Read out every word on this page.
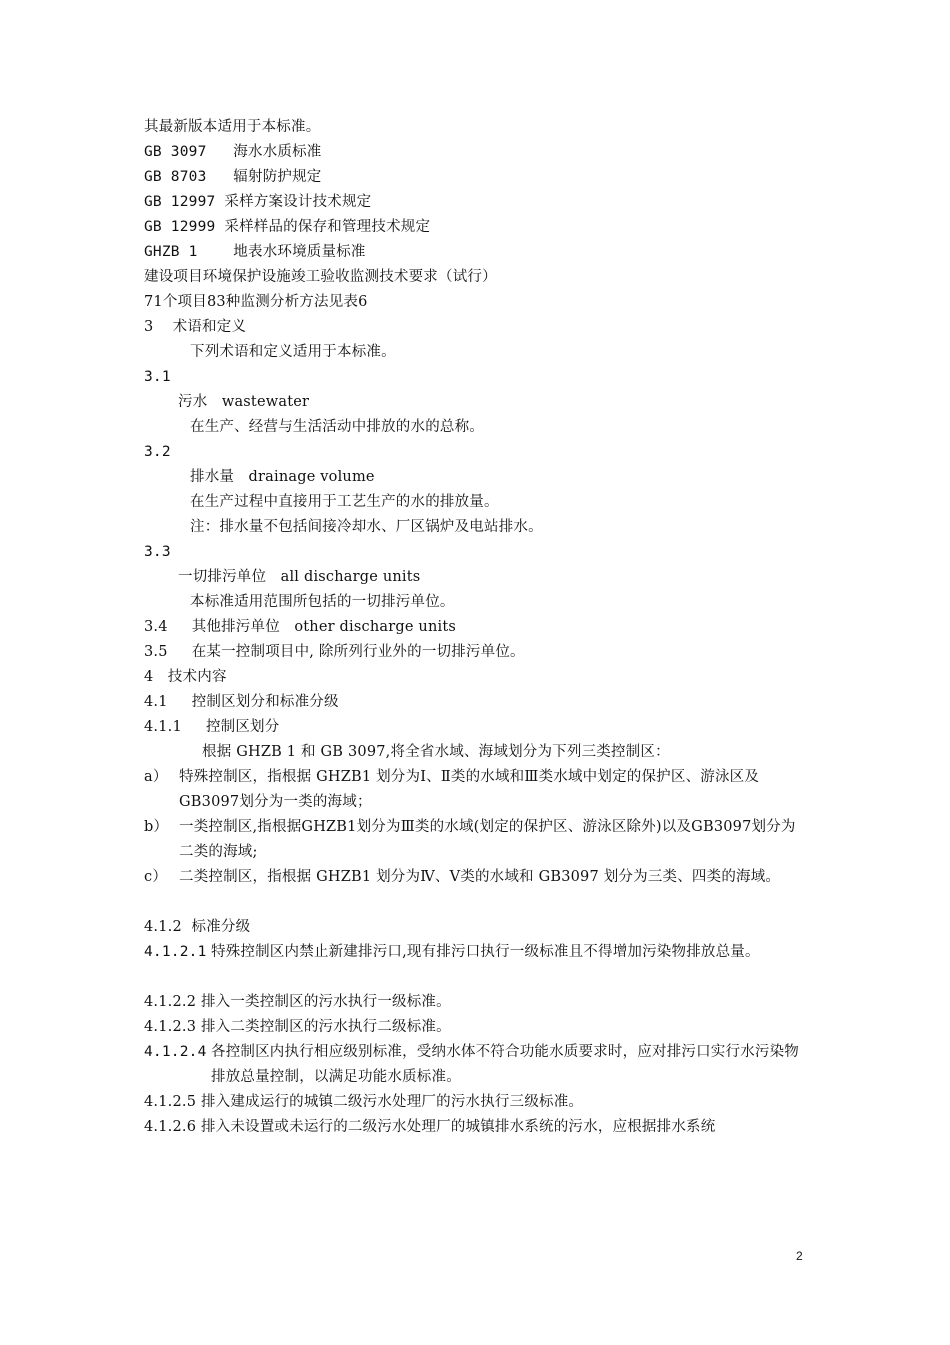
其最新版本适用于本标准。
GB 3097   海水水质标准
GB 8703   辐射防护规定
GB 12997 采样方案设计技术规定
GB 12999 采样样品的保存和管理技术规定
GHZB 1    地表水环境质量标准
建设项目环境保护设施竣工验收监测技术要求（试行）
71个项目83种监测分析方法见表6
3    术语和定义
下列术语和定义适用于本标准。
3.1
污水   wastewater
在生产、经营与生活活动中排放的水的总称。
3.2
排水量   drainage volume
在生产过程中直接用于工艺生产的水的排放量。
注：排水量不包括间接冷却水、厂区锅炉及电站排水。
3.3
一切排污单位   all discharge units
本标准适用范围所包括的一切排污单位。
3.4     其他排污单位   other discharge units
3.5     在某一控制项目中, 除所列行业外的一切排污单位。
4   技术内容
4.1     控制区划分和标准分级
4.1.1     控制区划分
根据 GHZB 1 和 GB 3097,将全省水域、海域划分为下列三类控制区：
a） 特殊控制区，指根据 GHZB1 划分为Ⅰ、Ⅱ类的水域和Ⅲ类水域中划定的保护区、游泳区及GB3097划分为一类的海域；
b） 一类控制区,指根据GHZB1划分为Ⅲ类的水域(划定的保护区、游泳区除外)以及GB3097划分为二类的海域;
c） 二类控制区，指根据 GHZB1 划分为Ⅳ、Ⅴ类的水域和 GB3097 划分为三类、四类的海域。
4.1.2  标准分级
4.1.2.1 特殊控制区内禁止新建排污口,现有排污口执行一级标准且不得增加污染物排放总量。
4.1.2.2 排入一类控制区的污水执行一级标准。
4.1.2.3 排入二类控制区的污水执行二级标准。
4.1.2.4 各控制区内执行相应级别标准，受纳水体不符合功能水质要求时，应对排污口实行水污染物排放总量控制，以满足功能水质标准。
4.1.2.5 排入建成运行的城镇二级污水处理厂的污水执行三级标准。
4.1.2.6 排入未设置或未运行的二级污水处理厂的城镇排水系统的污水，应根据排水系统
2
